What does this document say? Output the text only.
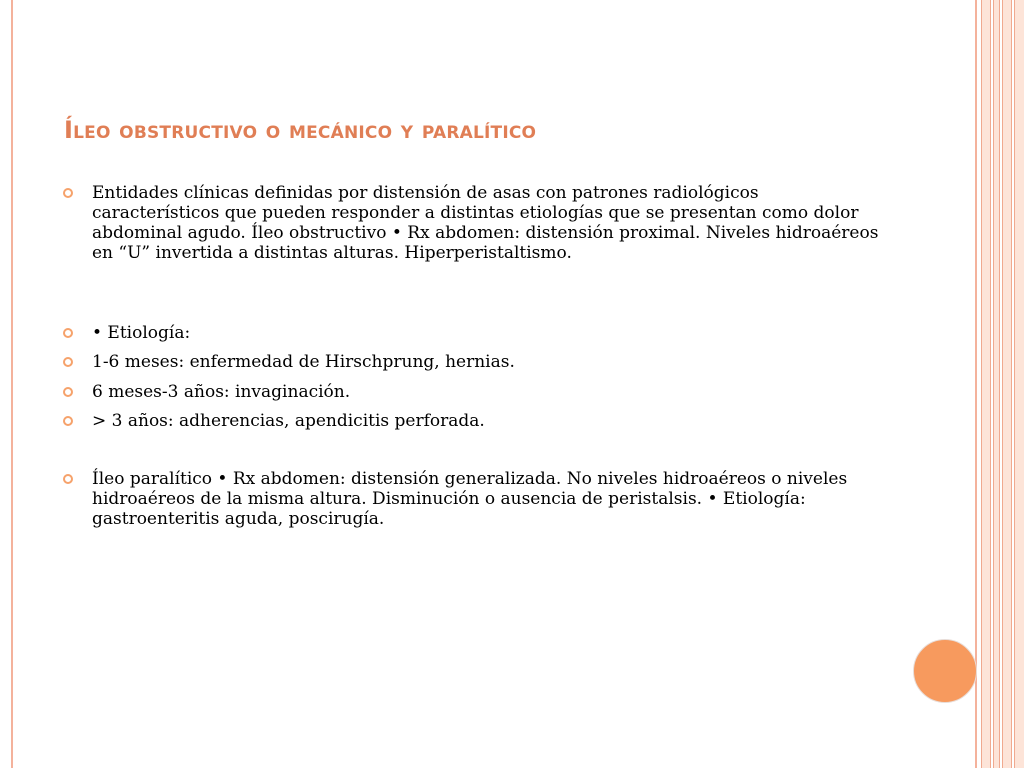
Íleo obstructivo o mecánico y paralítico
Entidades clínicas definidas por distensión de asas con patrones radiológicos característicos que pueden responder a distintas etiologías que se presentan como dolor abdominal agudo. Íleo obstructivo • Rx abdomen: distensión proximal. Niveles hidroaéreos en “U” invertida a distintas alturas. Hiperperistaltismo.
• Etiología:
1-6 meses: enfermedad de Hirschprung, hernias.
6 meses-3 años: invaginación.
> 3 años: adherencias, apendicitis perforada.
Íleo paralítico • Rx abdomen: distensión generalizada. No niveles hidroaéreos o niveles hidroaéreos de la misma altura. Disminución o ausencia de peristalsis. • Etiología: gastroenteritis aguda, poscirugía.
